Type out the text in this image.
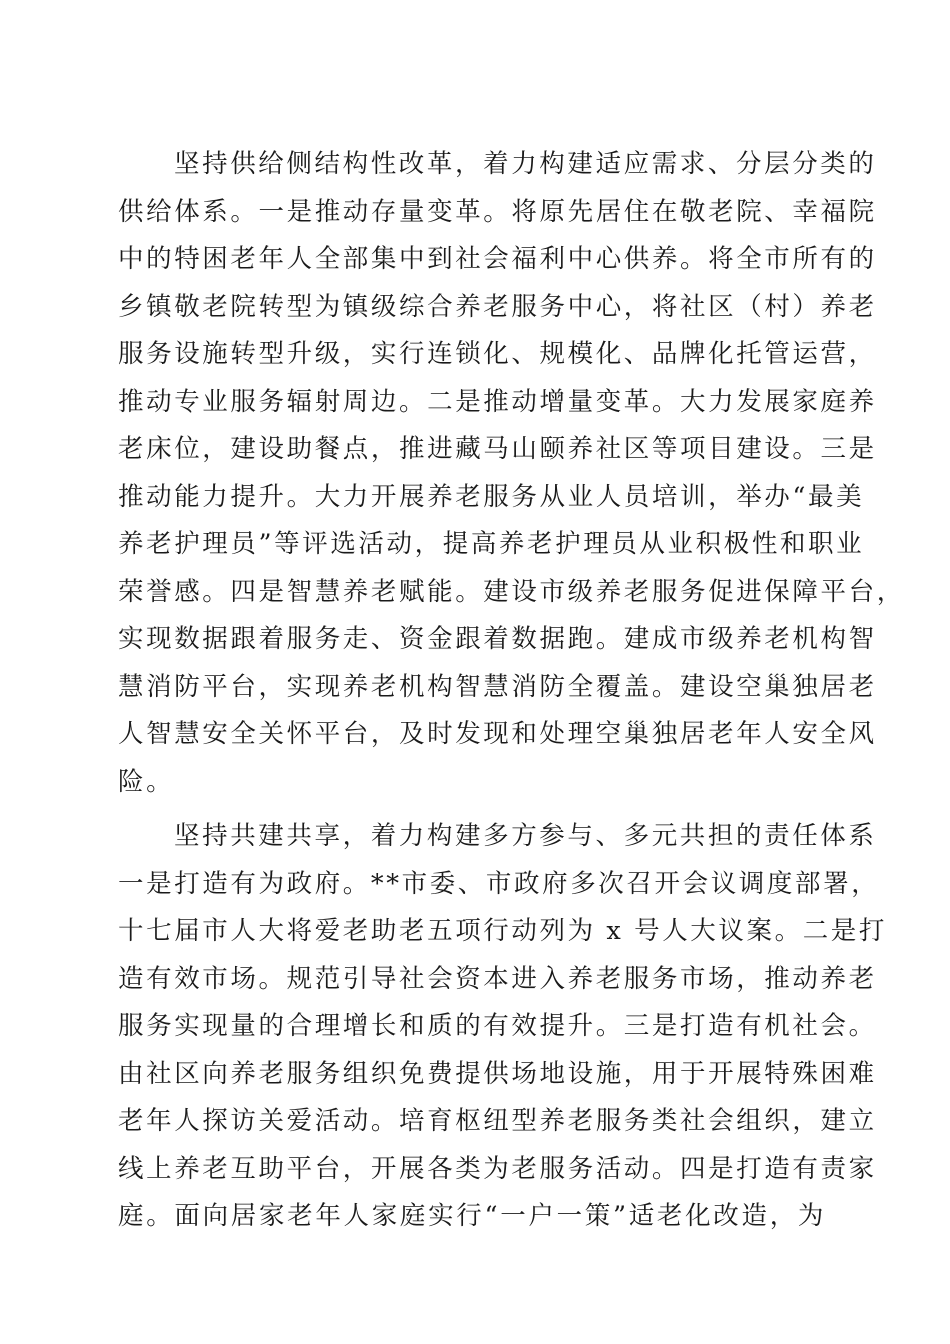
坚持供给侧结构性改革，着力构建适应需求、分层分类的
供给体系。一是推动存量变革。将原先居住在敬老院、幸福院
中的特困老年人全部集中到社会福利中心供养。将全市所有的
乡镇敬老院转型为镇级综合养老服务中心，将社区（村）养老
服务设施转型升级，实行连锁化、规模化、品牌化托管运营，
推动专业服务辐射周边。二是推动增量变革。大力发展家庭养
老床位，建设助餐点，推进藏马山颐养社区等项目建设。三是
推动能力提升。大力开展养老服务从业人员培训，举办“最美
养老护理员”等评选活动，提高养老护理员从业积极性和职业
荣誉感。四是智慧养老赋能。建设市级养老服务促进保障平台，
实现数据跟着服务走、资金跟着数据跑。建成市级养老机构智
慧消防平台，实现养老机构智慧消防全覆盖。建设空巢独居老
人智慧安全关怀平台，及时发现和处理空巢独居老年人安全风
险。
坚持共建共享，着力构建多方参与、多元共担的责任体系
一是打造有为政府。**市委、市政府多次召开会议调度部署，
十七届市人大将爱老助老五项行动列为 x 号人大议案。二是打
造有效市场。规范引导社会资本进入养老服务市场，推动养老
服务实现量的合理增长和质的有效提升。三是打造有机社会。
由社区向养老服务组织免费提供场地设施，用于开展特殊困难
老年人探访关爱活动。培育枢纽型养老服务类社会组织，建立
线上养老互助平台，开展各类为老服务活动。四是打造有责家
庭。面向居家老年人家庭实行“一户一策”适老化改造，为
